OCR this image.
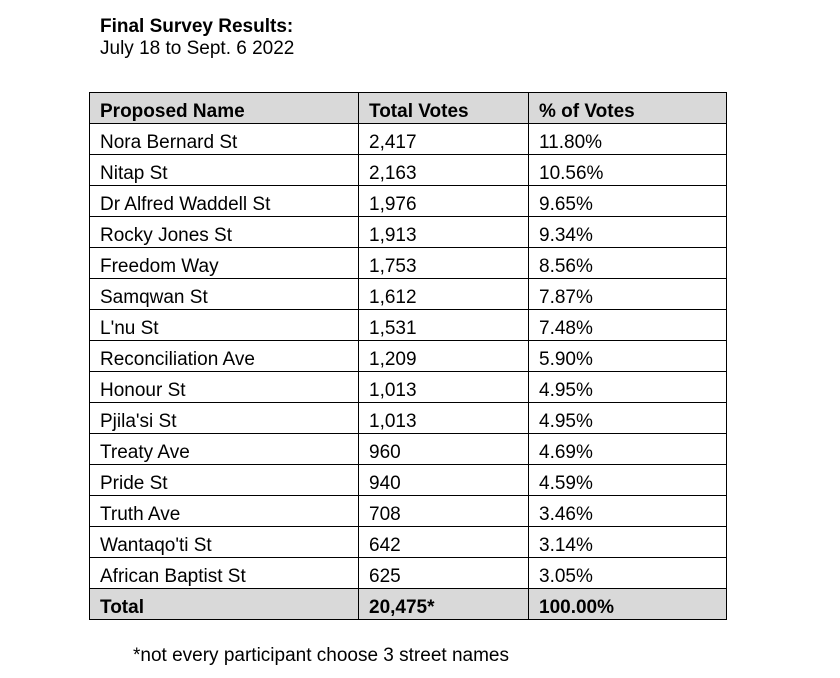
Final Survey Results:
July 18 to Sept. 6 2022
Proposed Name	Total Votes	% of Votes
Nora Bernard St	2,417	11.80%
Nitap St	2,163	10.56%
Dr Alfred Waddell St	1,976	9.65%
Rocky Jones St	1,913	9.34%
Freedom Way	1,753	8.56%
Samqwan St	1,612	7.87%
L'nu St	1,531	7.48%
Reconciliation Ave	1,209	5.90%
Honour St	1,013	4.95%
Pjila'si St	1,013	4.95%
Treaty Ave	960	4.69%
Pride St	940	4.59%
Truth Ave	708	3.46%
Wantaqo'ti St	642	3.14%
African Baptist St	625	3.05%
Total	20,475*	100.00%
*not every participant choose 3 street names
